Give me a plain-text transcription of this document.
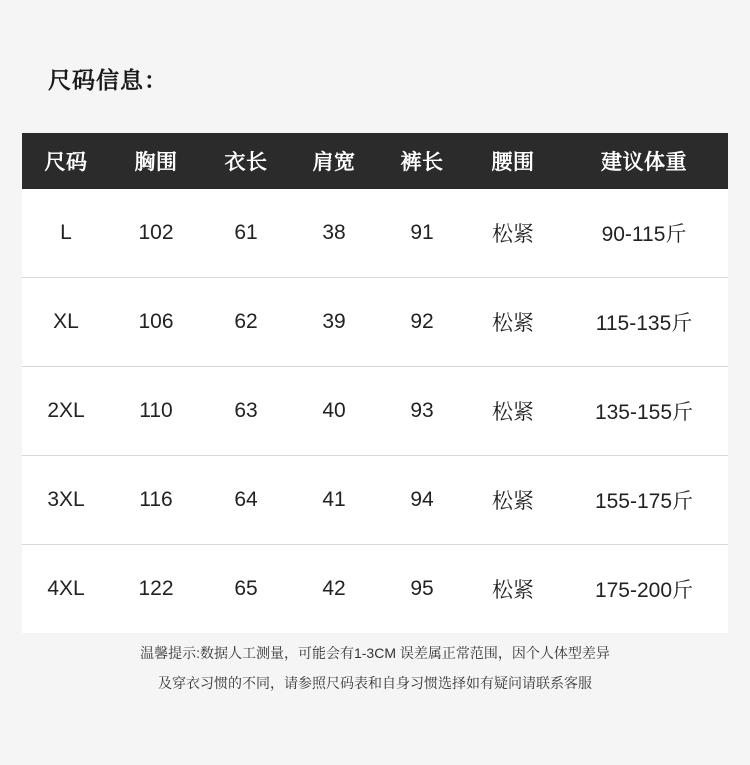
尺码信息：
尺码	胸围	衣长	肩宽	裤长	腰围	建议体重
L	102	61	38	91	松紧	90-115斤
XL	106	62	39	92	松紧	115-135斤
2XL	110	63	40	93	松紧	135-155斤
3XL	116	64	41	94	松紧	155-175斤
4XL	122	65	42	95	松紧	175-200斤
温馨提示:数据人工测量，可能会有1-3CM 误差属正常范围，因个人体型差异
及穿衣习惯的不同，请参照尺码表和自身习惯选择如有疑问请联系客服
